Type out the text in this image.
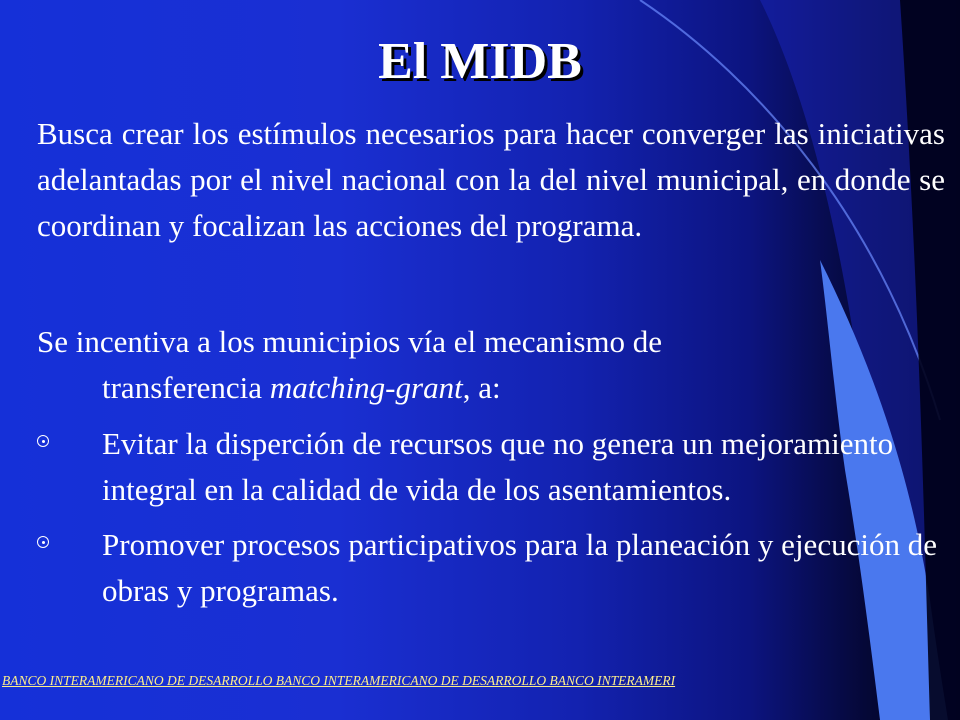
El MIDB

Busca crear los estímulos necesarios para hacer converger las iniciativas adelantadas por el nivel nacional con la del nivel municipal, en donde se coordinan y focalizan las acciones del programa.

Se incentiva a los municipios vía el mecanismo de
transferencia matching-grant, a:

Evitar la disperción de recursos que no genera un mejoramiento integral en la calidad de vida de los asentamientos.
Promover procesos participativos para la planeación y ejecución de obras y programas.
BANCO INTERAMERICANO DE DESARROLLO BANCO INTERAMERICANO DE DESARROLLO BANCO INTERAMERI
